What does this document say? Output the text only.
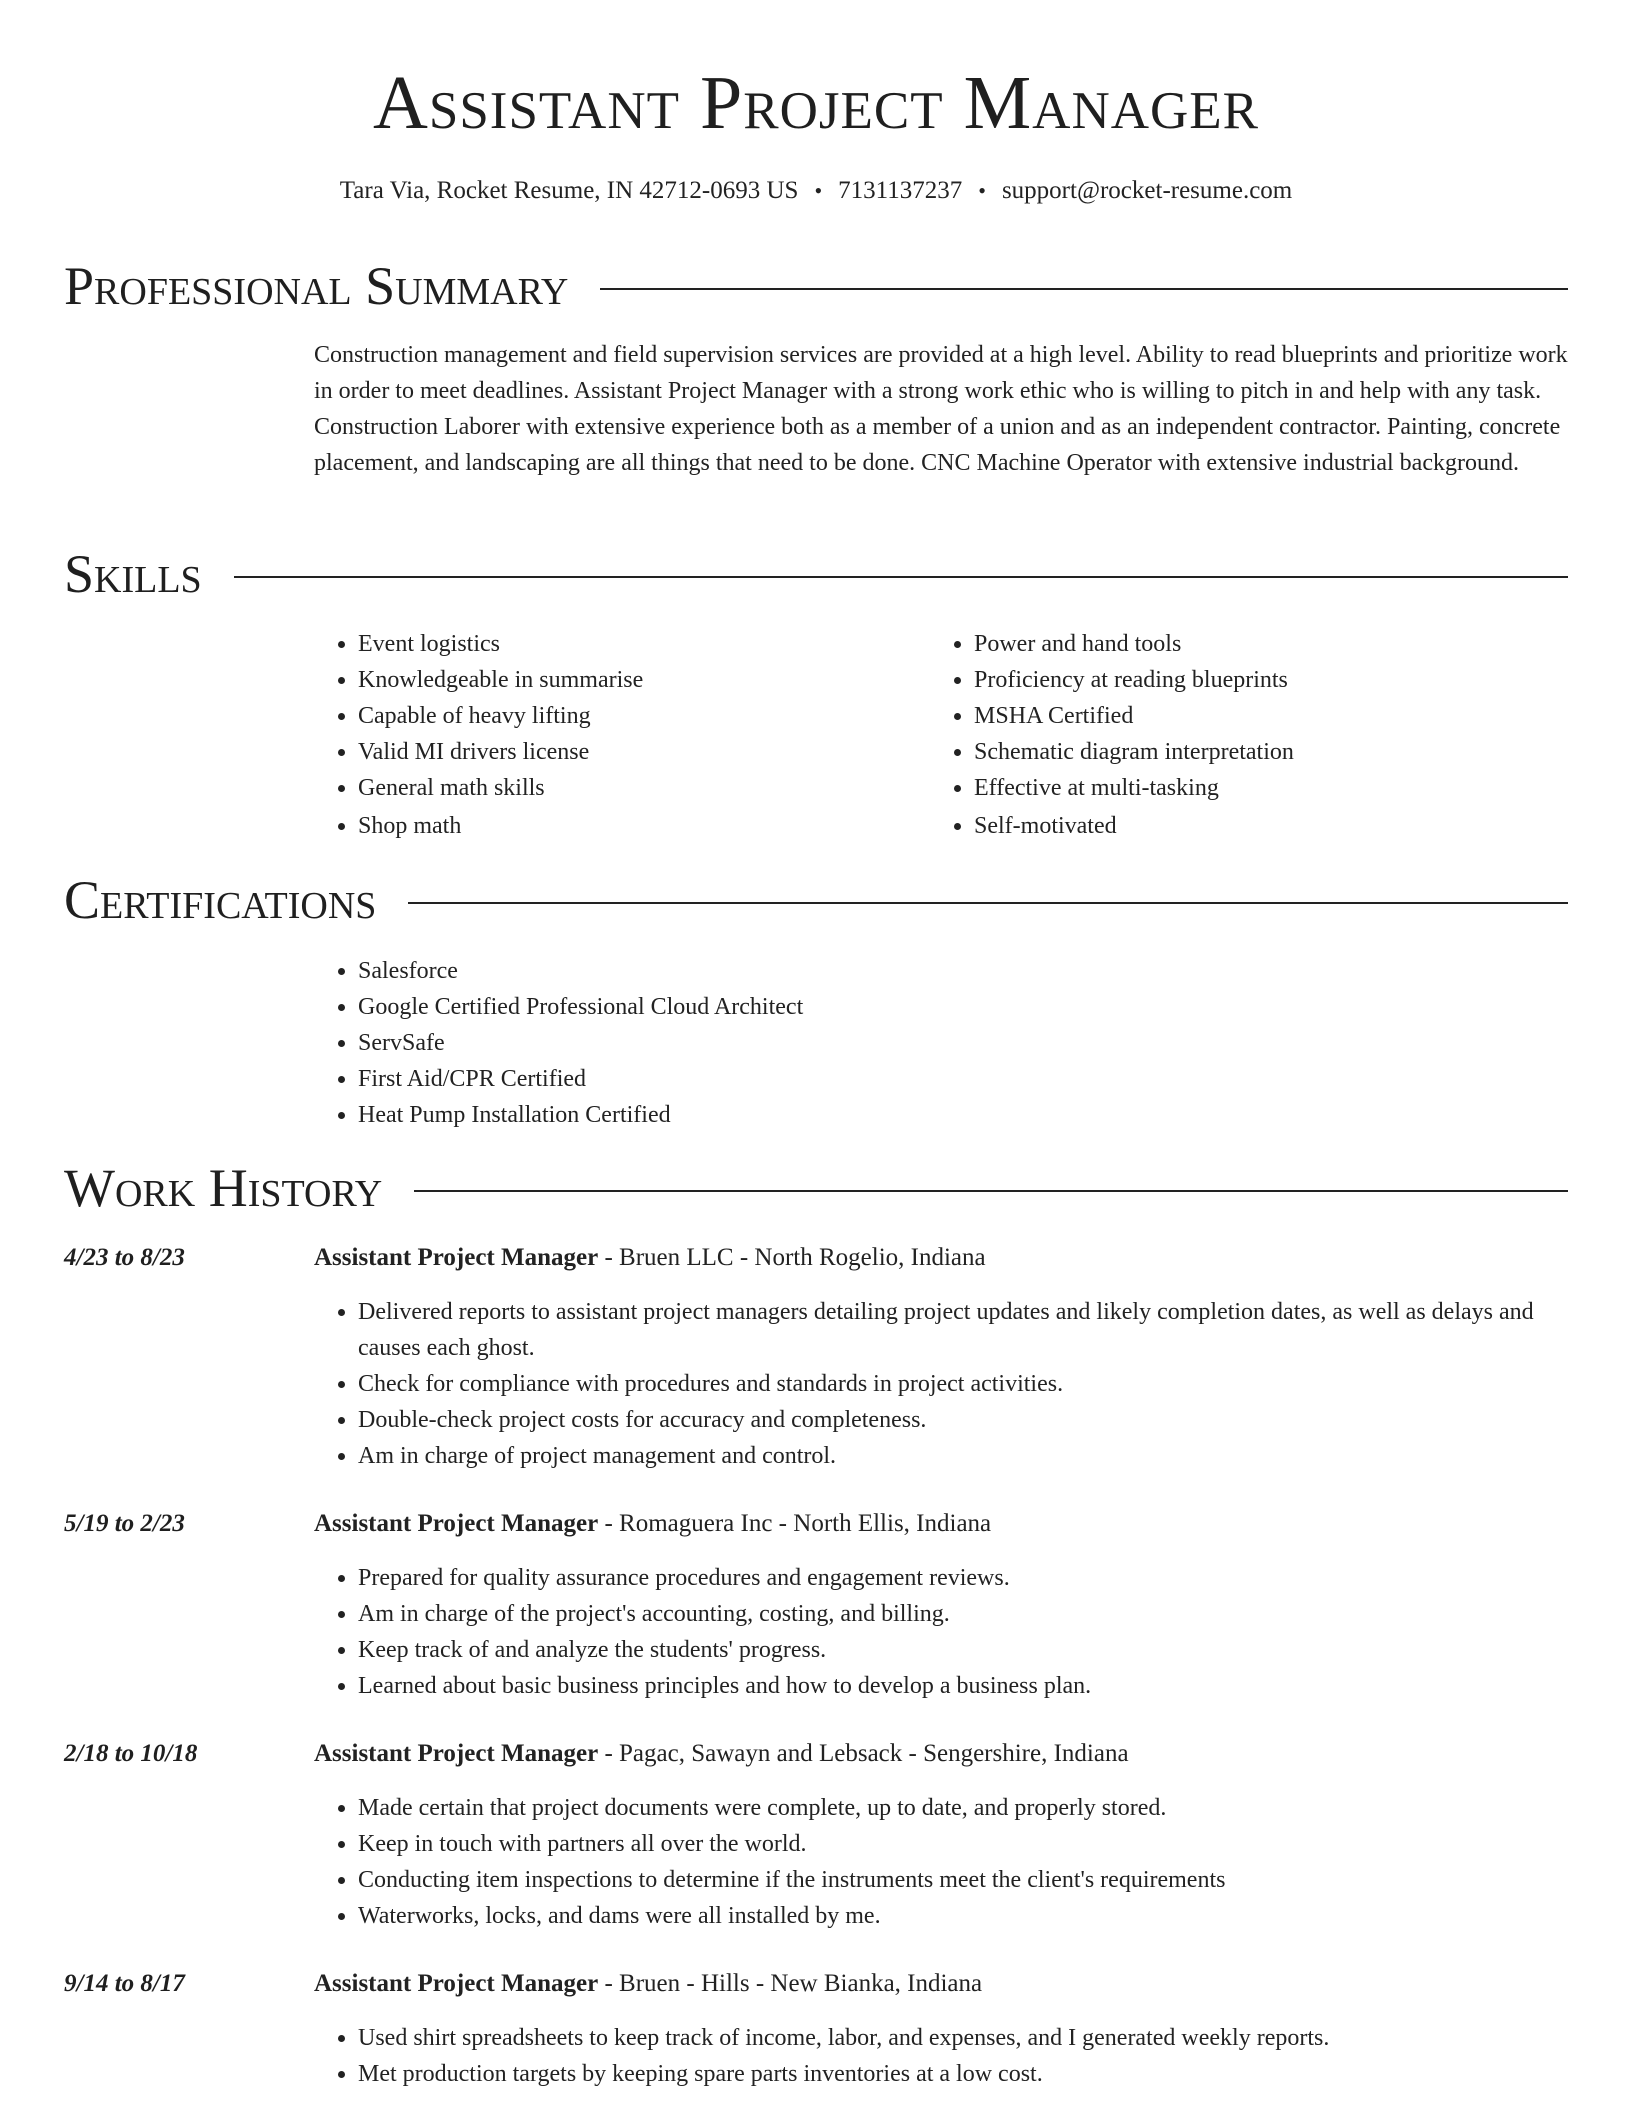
Assistant Project Manager
Tara Via, Rocket Resume, IN 42712-0693 US • 7131137237 • support@rocket-resume.com
Professional Summary

Construction management and field supervision services are provided at a high level. Ability to read blueprints and prioritize work in order to meet deadlines. Assistant Project Manager with a strong work ethic who is willing to pitch in and help with any task. Construction Laborer with extensive experience both as a member of a union and as an independent contractor. Painting, concrete placement, and landscaping are all things that need to be done. CNC Machine Operator with extensive industrial background.

Skills
• Event logistics
• Knowledgeable in summarise
• Capable of heavy lifting
• Valid MI drivers license
• General math skills
• Shop math
• Power and hand tools
• Proficiency at reading blueprints
• MSHA Certified
• Schematic diagram interpretation
• Effective at multi-tasking
• Self-motivated
Certifications
• Salesforce
• Google Certified Professional Cloud Architect
• ServSafe
• First Aid/CPR Certified
• Heat Pump Installation Certified
Work History
4/23 to 8/23	Assistant Project Manager - Bruen LLC - North Rogelio, Indiana
• Delivered reports to assistant project managers detailing project updates and likely completion dates, as well as delays and causes each ghost.
• Check for compliance with procedures and standards in project activities.
• Double-check project costs for accuracy and completeness.
• Am in charge of project management and control.
5/19 to 2/23	Assistant Project Manager - Romaguera Inc - North Ellis, Indiana
• Prepared for quality assurance procedures and engagement reviews.
• Am in charge of the project's accounting, costing, and billing.
• Keep track of and analyze the students' progress.
• Learned about basic business principles and how to develop a business plan.
2/18 to 10/18	Assistant Project Manager - Pagac, Sawayn and Lebsack - Sengershire, Indiana
• Made certain that project documents were complete, up to date, and properly stored.
• Keep in touch with partners all over the world.
• Conducting item inspections to determine if the instruments meet the client's requirements
• Waterworks, locks, and dams were all installed by me.
9/14 to 8/17	Assistant Project Manager - Bruen - Hills - New Bianka, Indiana
• Used shirt spreadsheets to keep track of income, labor, and expenses, and I generated weekly reports.
• Met production targets by keeping spare parts inventories at a low cost.
